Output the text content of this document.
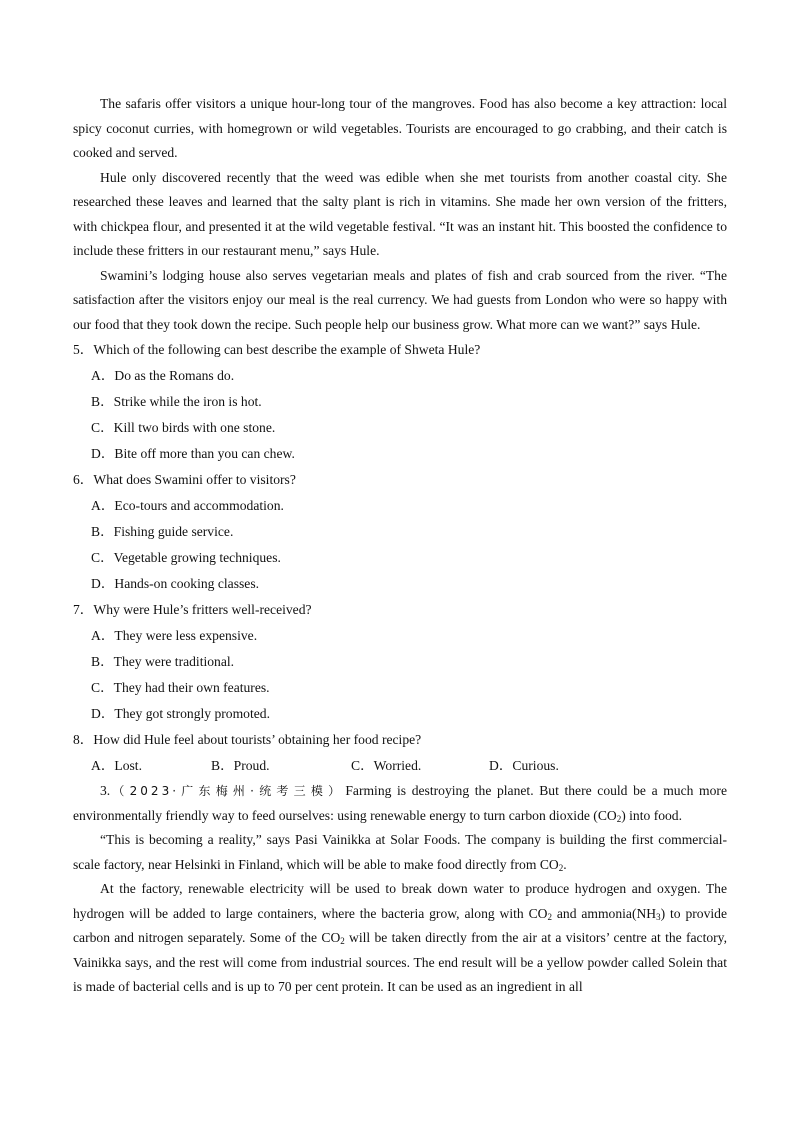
The safaris offer visitors a unique hour-long tour of the mangroves. Food has also become a key attraction: local spicy coconut curries, with homegrown or wild vegetables. Tourists are encouraged to go crabbing, and their catch is cooked and served.

Hule only discovered recently that the weed was edible when she met tourists from another coastal city. She researched these leaves and learned that the salty plant is rich in vitamins. She made her own version of the fritters, with chickpea flour, and presented it at the wild vegetable festival. “It was an instant hit. This boosted the confidence to include these fritters in our restaurant menu,” says Hule.

Swamini’s lodging house also serves vegetarian meals and plates of fish and crab sourced from the river. “The satisfaction after the visitors enjoy our meal is the real currency. We had guests from London who were so happy with our food that they took down the recipe. Such people help our business grow. What more can we want?” says Hule.

5．Which of the following can best describe the example of Shweta Hule?

A．Do as the Romans do.

B．Strike while the iron is hot.

C．Kill two birds with one stone.

D．Bite off more than you can chew.

6．What does Swamini offer to visitors?

A．Eco-tours and accommodation.

B．Fishing guide service.

C．Vegetable growing techniques.

D．Hands-on cooking classes.

7．Why were Hule’s fritters well-received?

A．They were less expensive.

B．They were traditional.

C．They had their own features.

D．They got strongly promoted.

8．How did Hule feel about tourists’ obtaining her food recipe?

A．Lost.	B．Proud.	C．Worried.	D．Curious.

3.（2023·广东梅州·统考三模）Farming is destroying the planet. But there could be a much more environmentally friendly way to feed ourselves: using renewable energy to turn carbon dioxide $(CO_2)$ into food.

“This is becoming a reality,” says Pasi Vainikka at Solar Foods. The company is building the first commercial-scale factory, near Helsinki in Finland, which will be able to make food directly from $CO_2$.

At the factory, renewable electricity will be used to break down water to produce hydrogen and oxygen. The hydrogen will be added to large containers, where the bacteria grow, along with $CO_2$ and $ammonia(NH_3)$ to provide carbon and nitrogen separately. Some of the $CO_2$ will be taken directly from the air at a visitors’ centre at the factory, Vainikka says, and the rest will come from industrial sources. The end result will be a yellow powder called Solein that is made of bacterial cells and is up to 70 per cent protein. It can be used as an ingredient in all
